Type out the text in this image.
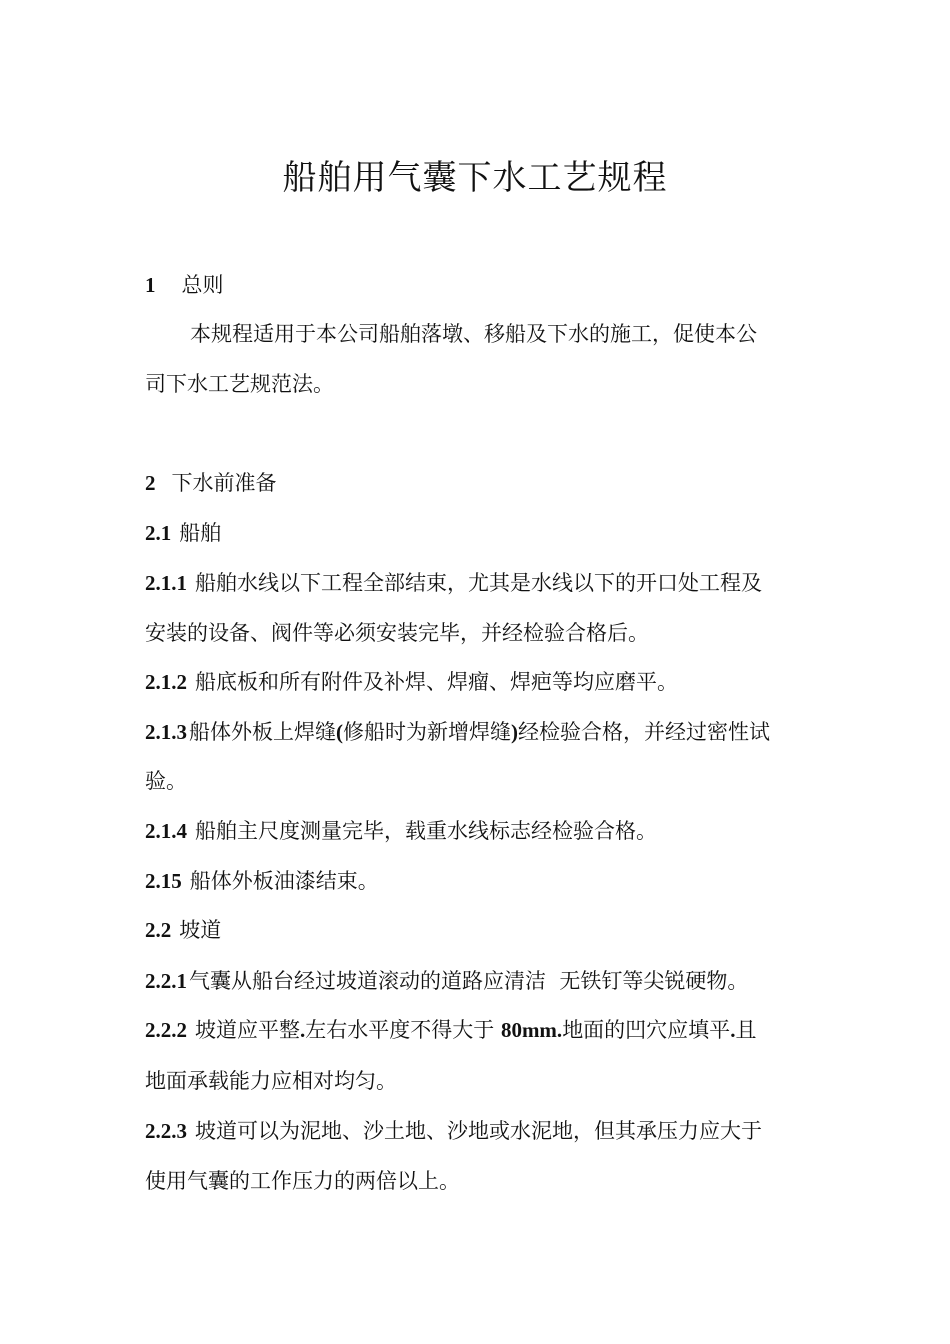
船舶用气囊下水工艺规程

1 总则

本规程适用于本公司船舶落墩、移船及下水的施工，促使本公

司下水工艺规范法。

2 下水前准备

2.1 船舶

2.1.1 船舶水线以下工程全部结束，尤其是水线以下的开口处工程及

安装的设备、阀件等必须安装完毕，并经检验合格后。

2.1.2 船底板和所有附件及补焊、焊瘤、焊疤等均应磨平。

2.1.3船体外板上焊缝(修船时为新增焊缝)经检验合格，并经过密性试

验。

2.1.4 船舶主尺度测量完毕，载重水线标志经检验合格。

2.15 船体外板油漆结束。

2.2 坡道

2.2.1气囊从船台经过坡道滚动的道路应清洁  无铁钉等尖锐硬物。

2.2.2 坡道应平整.左右水平度不得大于 80mm.地面的凹穴应填平.且

地面承载能力应相对均匀。

2.2.3 坡道可以为泥地、沙土地、沙地或水泥地，但其承压力应大于

使用气囊的工作压力的两倍以上。
